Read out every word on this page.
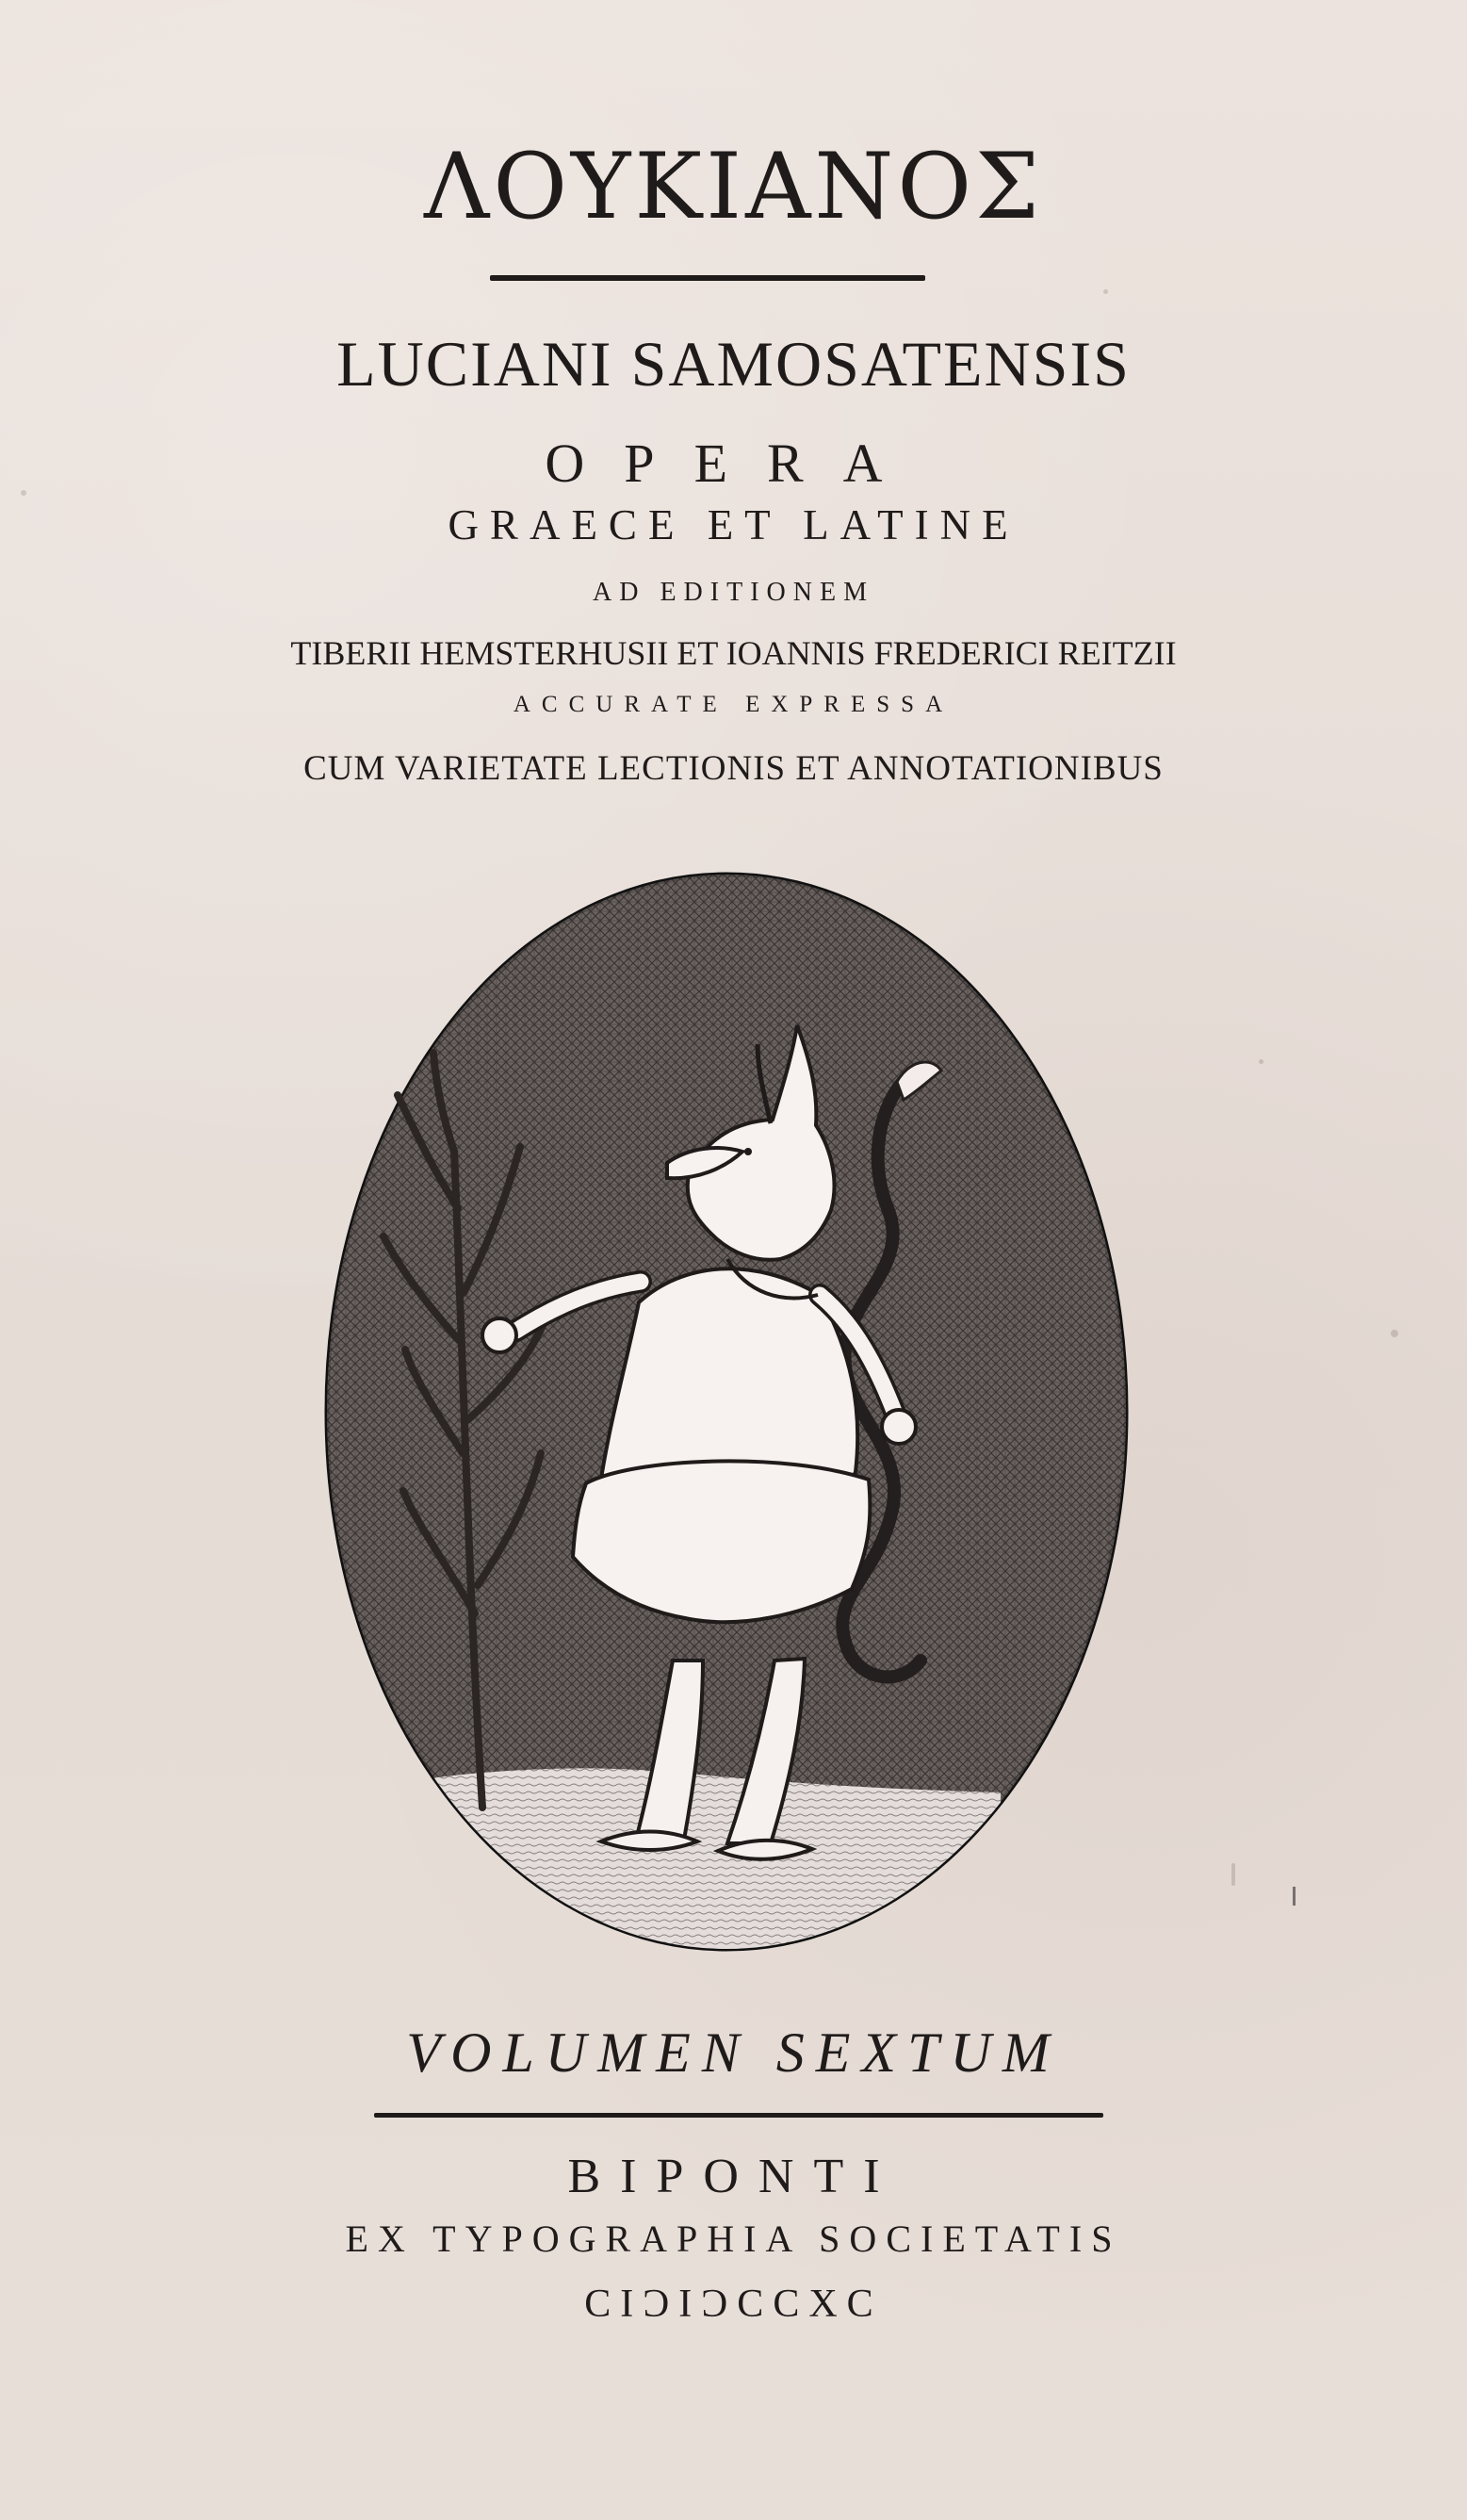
ΛΟΥΚΙΑΝΟΣ
LUCIANI SAMOSATENSIS
OPERA
GRAECE ET LATINE
AD EDITIONEM
TIBERII HEMSTERHUSII ET IOANNIS FREDERICI REITZII
ACCURATE EXPRESSA
CUM VARIETATE LECTIONIS ET ANNOTATIONIBUS
VOLUMEN SEXTUM
BIPONTI
EX TYPOGRAPHIA SOCIETATIS
CIƆIƆCCXC
